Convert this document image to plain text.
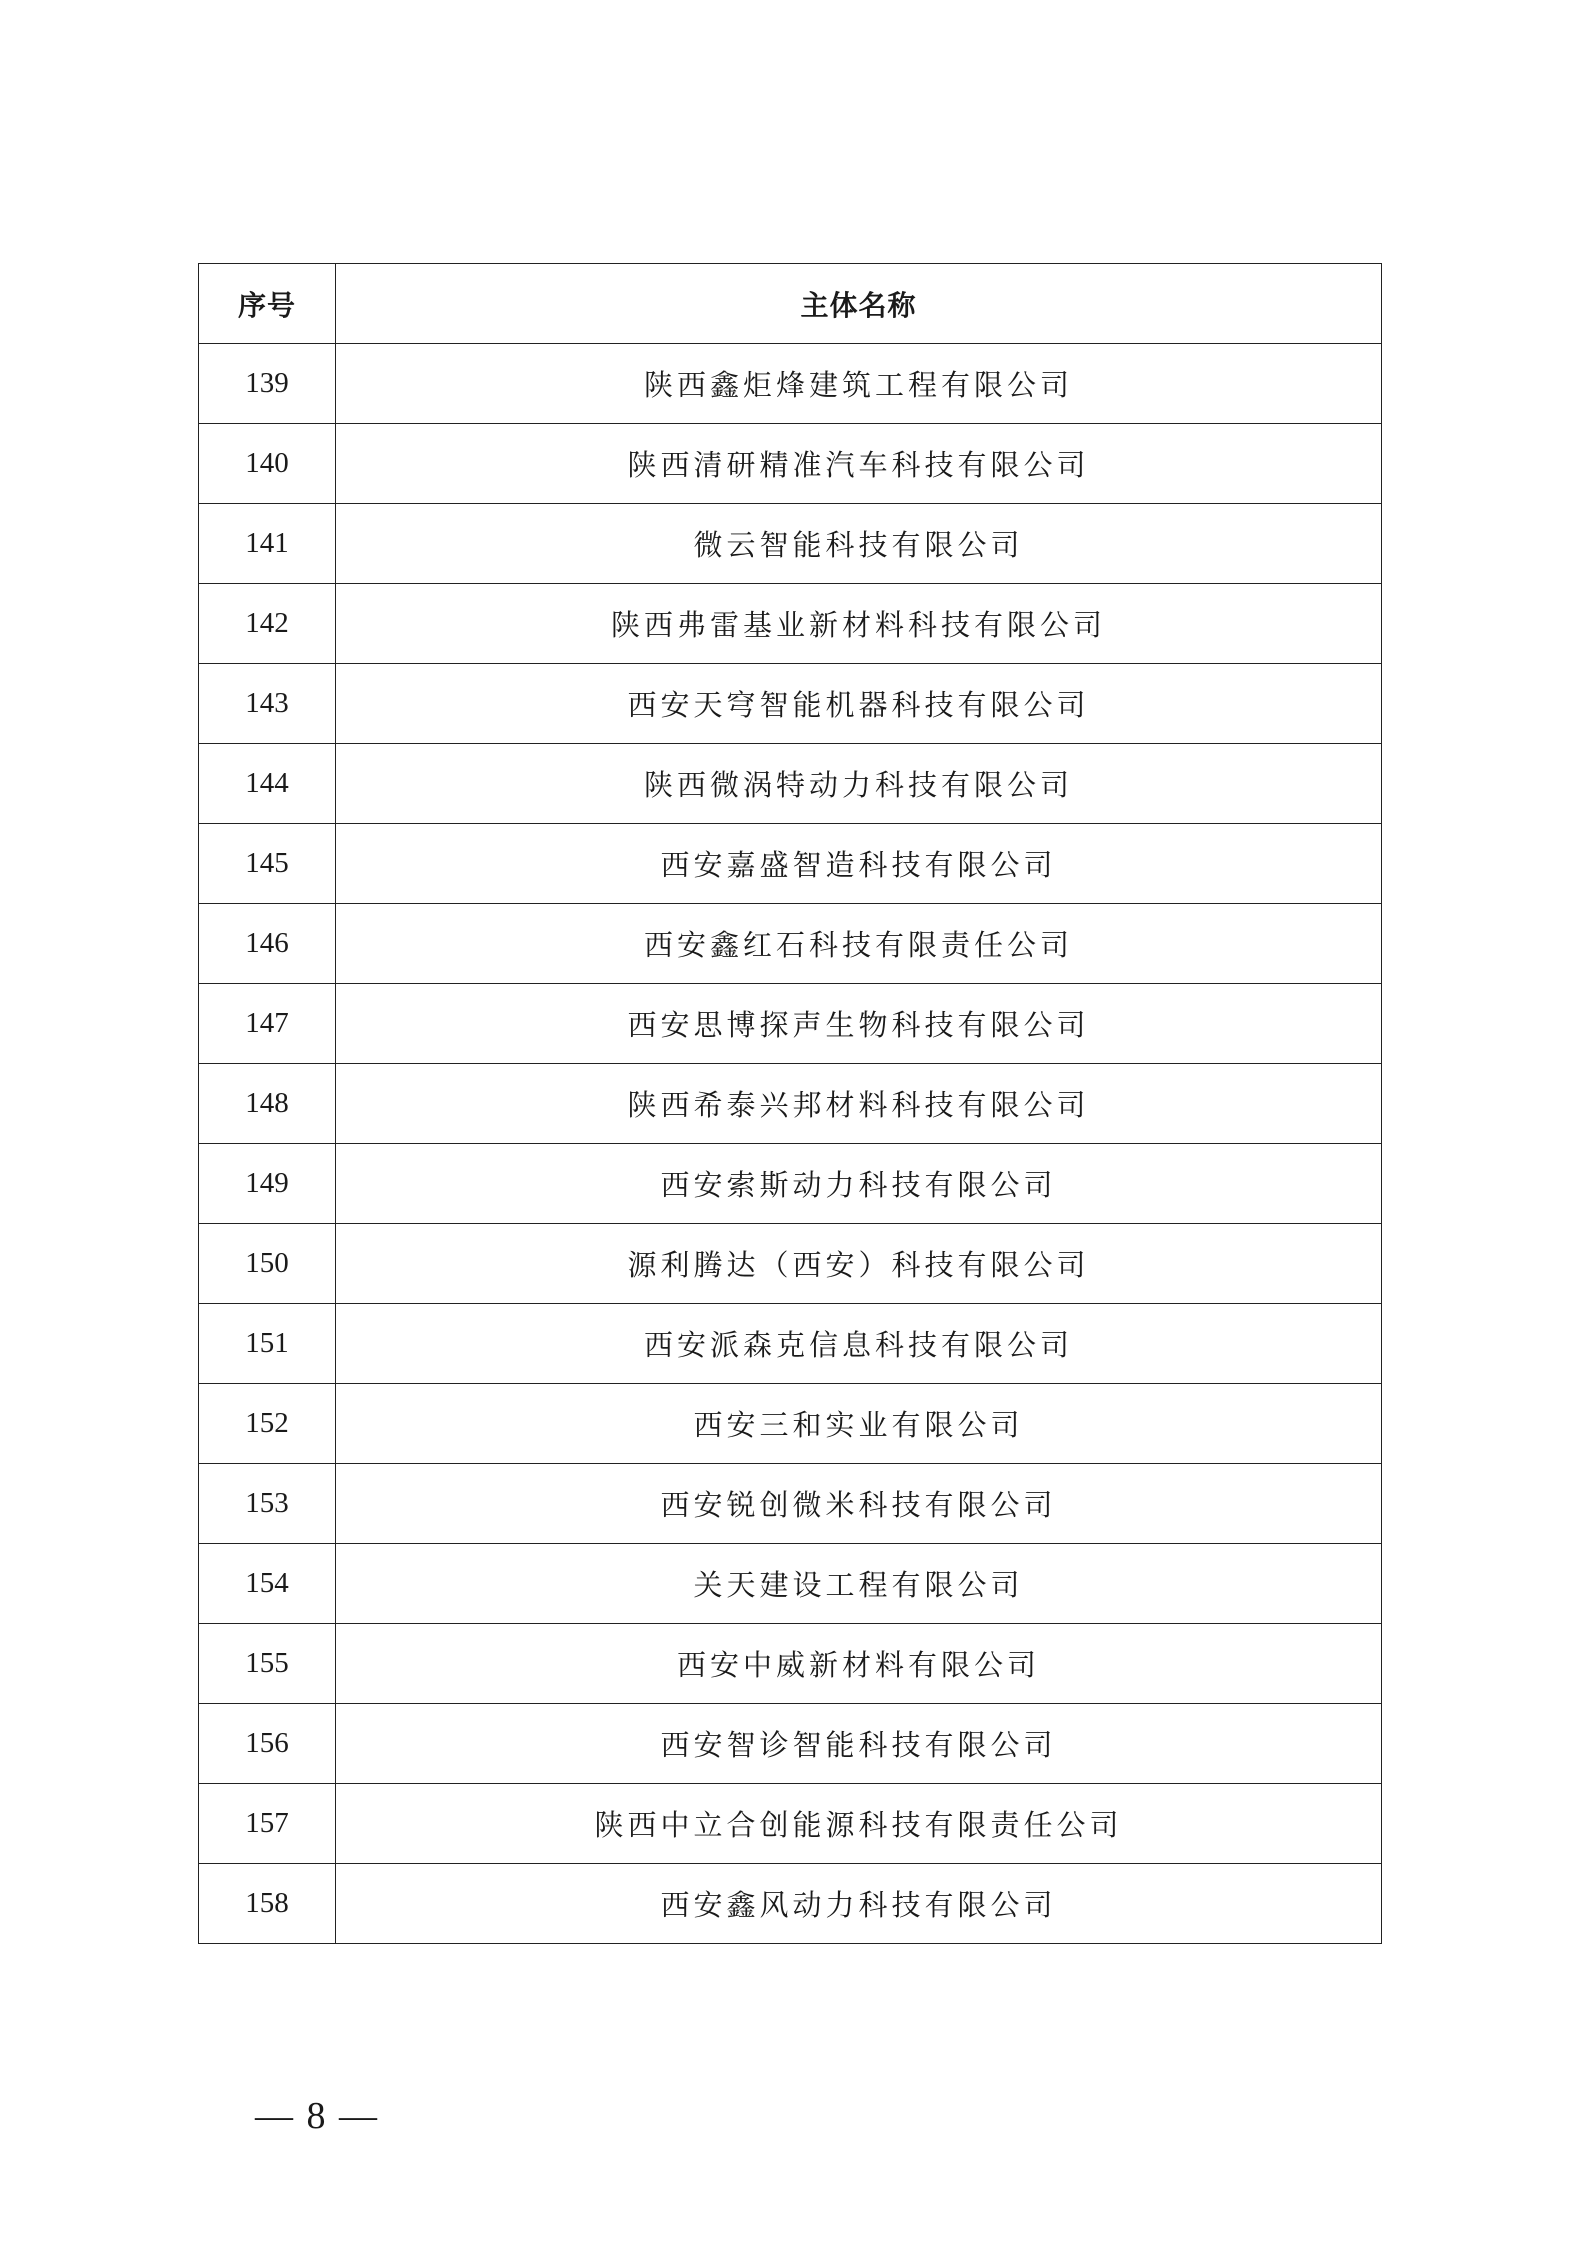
序号	主体名称
139	陕西鑫炬烽建筑工程有限公司
140	陕西清研精准汽车科技有限公司
141	微云智能科技有限公司
142	陕西弗雷基业新材料科技有限公司
143	西安天穹智能机器科技有限公司
144	陕西微涡特动力科技有限公司
145	西安嘉盛智造科技有限公司
146	西安鑫红石科技有限责任公司
147	西安思博探声生物科技有限公司
148	陕西希泰兴邦材料科技有限公司
149	西安索斯动力科技有限公司
150	源利腾达（西安）科技有限公司
151	西安派森克信息科技有限公司
152	西安三和实业有限公司
153	西安锐创微米科技有限公司
154	关天建设工程有限公司
155	西安中威新材料有限公司
156	西安智诊智能科技有限公司
157	陕西中立合创能源科技有限责任公司
158	西安鑫风动力科技有限公司
— 8 —
